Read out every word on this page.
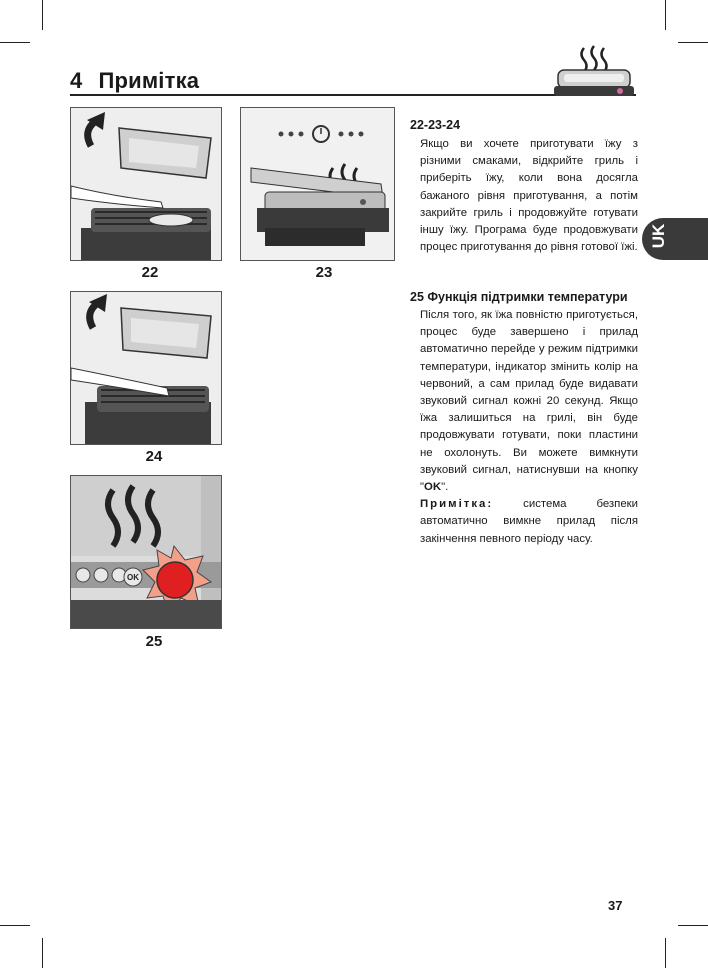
4 Примітка
22	23
24
OK
25
22-23-24
Якщо ви хочете приготувати їжу з різними смаками, відкрийте гриль і приберіть їжу, коли вона досягла бажаного рівня приготування, а потім закрийте гриль і продовжуйте готувати іншу їжу. Програма буде продовжувати процес приготування до рівня готової їжі.
25 Функція підтримки температури
Після того, як їжа повністю приготується, процес буде завершено і прилад автоматично перейде у режим підтримки температури, індикатор змінить колір на червоний, а сам прилад буде видавати звуковий сигнал кожні 20 секунд. Якщо їжа залишиться на грилі, він буде продовжувати готувати, поки пластини не охолонуть. Ви можете вимкнути звуковий сигнал, натиснувши на кнопку "OK".
Примітка:	система безпеки автоматично вимкне прилад після закінчення певного періоду часу.
UK
37
